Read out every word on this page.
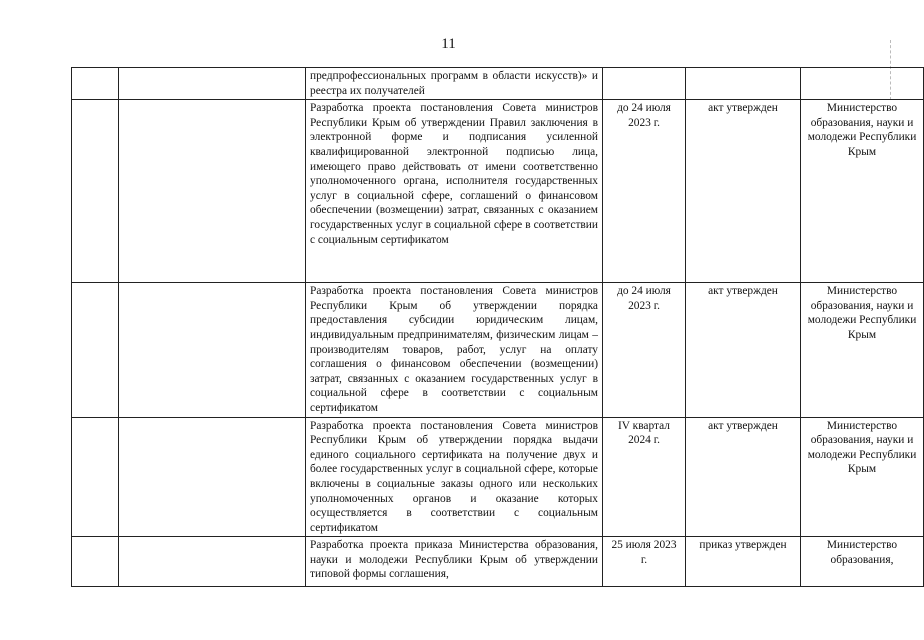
11
		предпрофессиональных программ в области искусств)» и реестра их получателей			
		Разработка проекта постановления Совета министров Республики Крым об утверждении Правил заключения в электронной форме и подписания усиленной квалифицированной электронной подписью лица, имеющего право действовать от имени соответственно уполномоченного органа, исполнителя государственных услуг в социальной сфере, соглашений о финансовом обеспечении (возмещении) затрат, связанных с оказанием государственных услуг в социальной сфере в соответствии с социальным сертификатом	до 24 июля 2023 г.	акт утвержден	Министерство образования, науки и молодежи Республики Крым
		Разработка проекта постановления Совета министров Республики Крым об утверждении порядка предоставления субсидии юридическим лицам, индивидуальным предпринимателям, физическим лицам – производителям товаров, работ, услуг на оплату соглашения о финансовом обеспечении (возмещении) затрат, связанных с оказанием государственных услуг в социальной сфере в соответствии с социальным сертификатом	до 24 июля 2023 г.	акт утвержден	Министерство образования, науки и молодежи Республики Крым
		Разработка проекта постановления Совета министров Республики Крым об утверждении порядка выдачи единого социального сертификата на получение двух и более государственных услуг в социальной сфере, которые включены в социальные заказы одного или нескольких уполномоченных органов и оказание которых осуществляется в соответствии с социальным сертификатом	IV квартал 2024 г.	акт утвержден	Министерство образования, науки и молодежи Республики Крым
		Разработка проекта приказа Министерства образования, науки и молодежи Республики Крым об утверждении типовой формы соглашения,	25 июля 2023 г.	приказ утвержден	Министерство образования,
